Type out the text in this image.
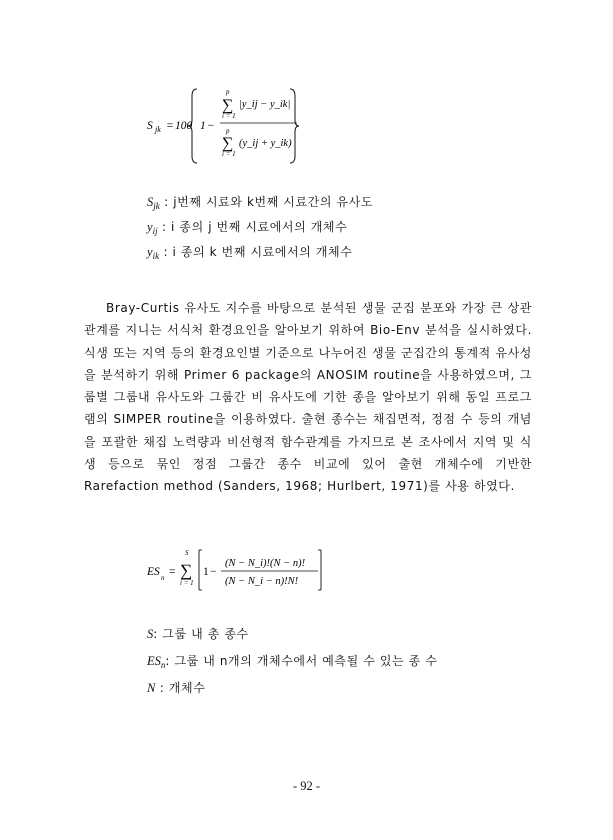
S jk = 100 1 −
p
∑
i = 1
|y_ij − y_ik|
p
∑
i = 1
(y_ij + y_ik)
$S_{jk}$ : j번째 시료와 k번째 시료간의 유사도
$y_{ij}$ : i 종의 j 번째 시료에서의 개체수
$y_{ik}$ : i 종의 k 번째 시료에서의 개체수

Bray-Curtis 유사도 지수를 바탕으로 분석된 생물 군집 분포와 가장 큰 상관관계를 지니는 서식처 환경요인을 알아보기 위하여 Bio-Env 분석을 실시하였다. 식생 또는 지역 등의 환경요인별 기준으로 나누어진 생물 군집간의 통계적 유사성을 분석하기 위해 Primer 6 package의 ANOSIM routine을 사용하였으며, 그룹별 그룹내 유사도와 그룹간 비 유사도에 기한 종을 알아보기 위해 동일 프로그램의 SIMPER routine을 이용하였다. 출현 종수는 채집면적, 정점 수 등의 개념을 포괄한 채집 노력량과 비선형적 함수관계를 가지므로 본 조사에서 지역 및 식생 등으로 묶인 정점 그룹간 종수 비교에 있어 출현 개체수에 기반한 Rarefaction method (Sanders, 1968; Hurlbert, 1971)를 사용 하였다.

ES n =
S
∑
i = 1
1 −
(N − N_i)!(N − n)!
(N − N_i − n)!N!
S: 그룹 내 총 종수
$ES_n$: 그룹 내 n개의 개체수에서 예측될 수 있는 종 수
N : 개체수
- 92 -
